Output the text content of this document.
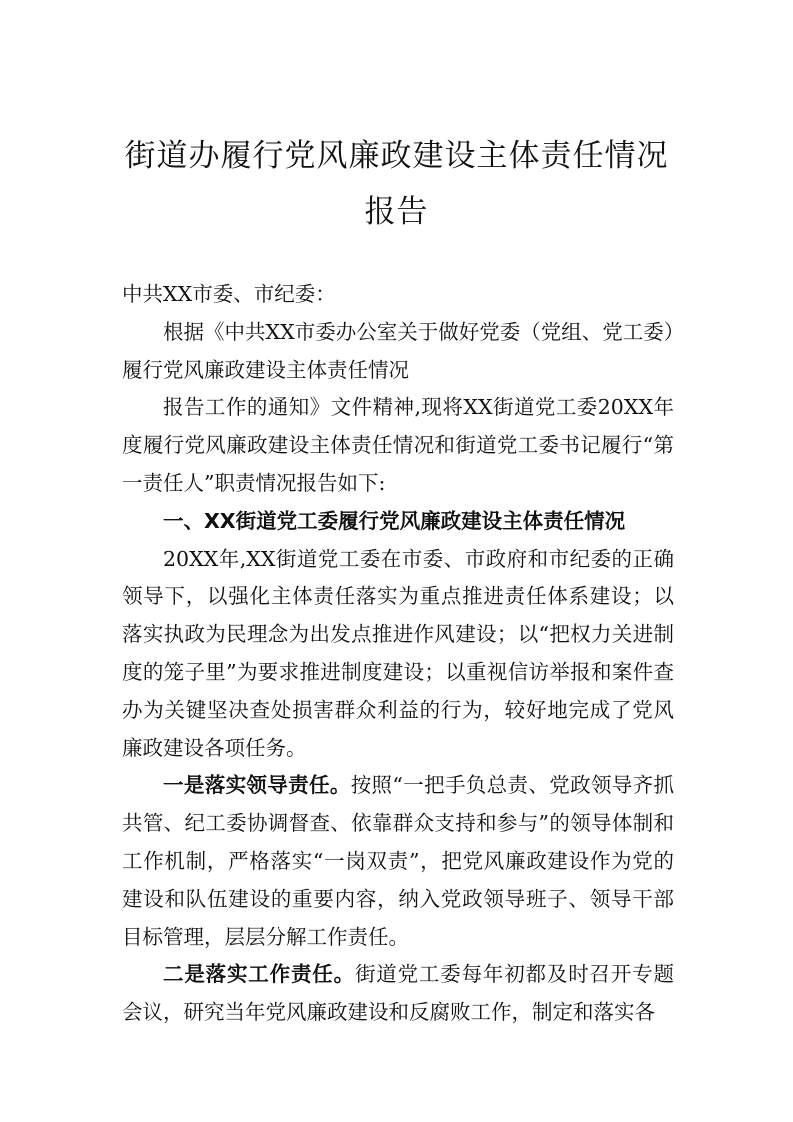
街道办履行党风廉政建设主体责任情况报告

中共XX市委、市纪委：

根据《中共XX市委办公室关于做好党委（党组、党工委）履行党风廉政建设主体责任情况

报告工作的通知》文件精神,现将XX街道党工委20XX年度履行党风廉政建设主体责任情况和街道党工委书记履行“第一责任人”职责情况报告如下:

一、XX街道党工委履行党风廉政建设主体责任情况

20XX年,XX街道党工委在市委、市政府和市纪委的正确领导下，以强化主体责任落实为重点推进责任体系建设；以落实执政为民理念为出发点推进作风建设；以“把权力关进制度的笼子里”为要求推进制度建设；以重视信访举报和案件查办为关键坚决查处损害群众利益的行为，较好地完成了党风廉政建设各项任务。

一是落实领导责任。按照“一把手负总责、党政领导齐抓共管、纪工委协调督查、依靠群众支持和参与”的领导体制和工作机制，严格落实“一岗双责”，把党风廉政建设作为党的建设和队伍建设的重要内容，纳入党政领导班子、领导干部目标管理，层层分解工作责任。

二是落实工作责任。街道党工委每年初都及时召开专题会议，研究当年党风廉政建设和反腐败工作，制定和落实各
